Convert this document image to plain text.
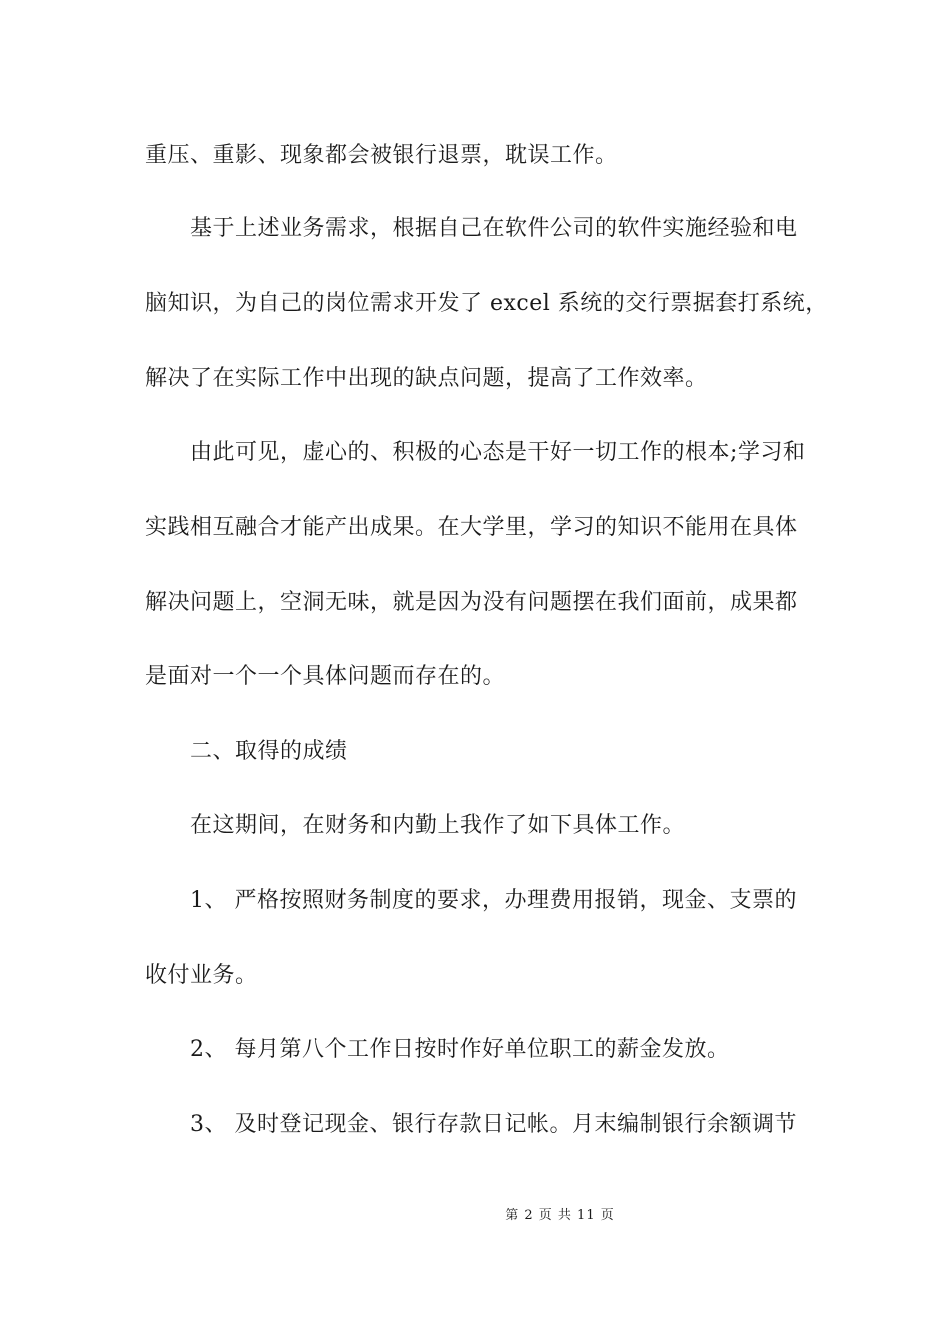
重压、重影、现象都会被银行退票，耽误工作。
基于上述业务需求，根据自己在软件公司的软件实施经验和电
脑知识，为自己的岗位需求开发了 excel 系统的交行票据套打系统，
解决了在实际工作中出现的缺点问题，提高了工作效率。
由此可见，虚心的、积极的心态是干好一切工作的根本;学习和
实践相互融合才能产出成果。在大学里，学习的知识不能用在具体
解决问题上，空洞无味，就是因为没有问题摆在我们面前，成果都
是面对一个一个具体问题而存在的。
二、取得的成绩
在这期间，在财务和内勤上我作了如下具体工作。
1、 严格按照财务制度的要求，办理费用报销，现金、支票的
收付业务。
2、 每月第八个工作日按时作好单位职工的薪金发放。
3、 及时登记现金、银行存款日记帐。月末编制银行余额调节
第 2 页 共 11 页
